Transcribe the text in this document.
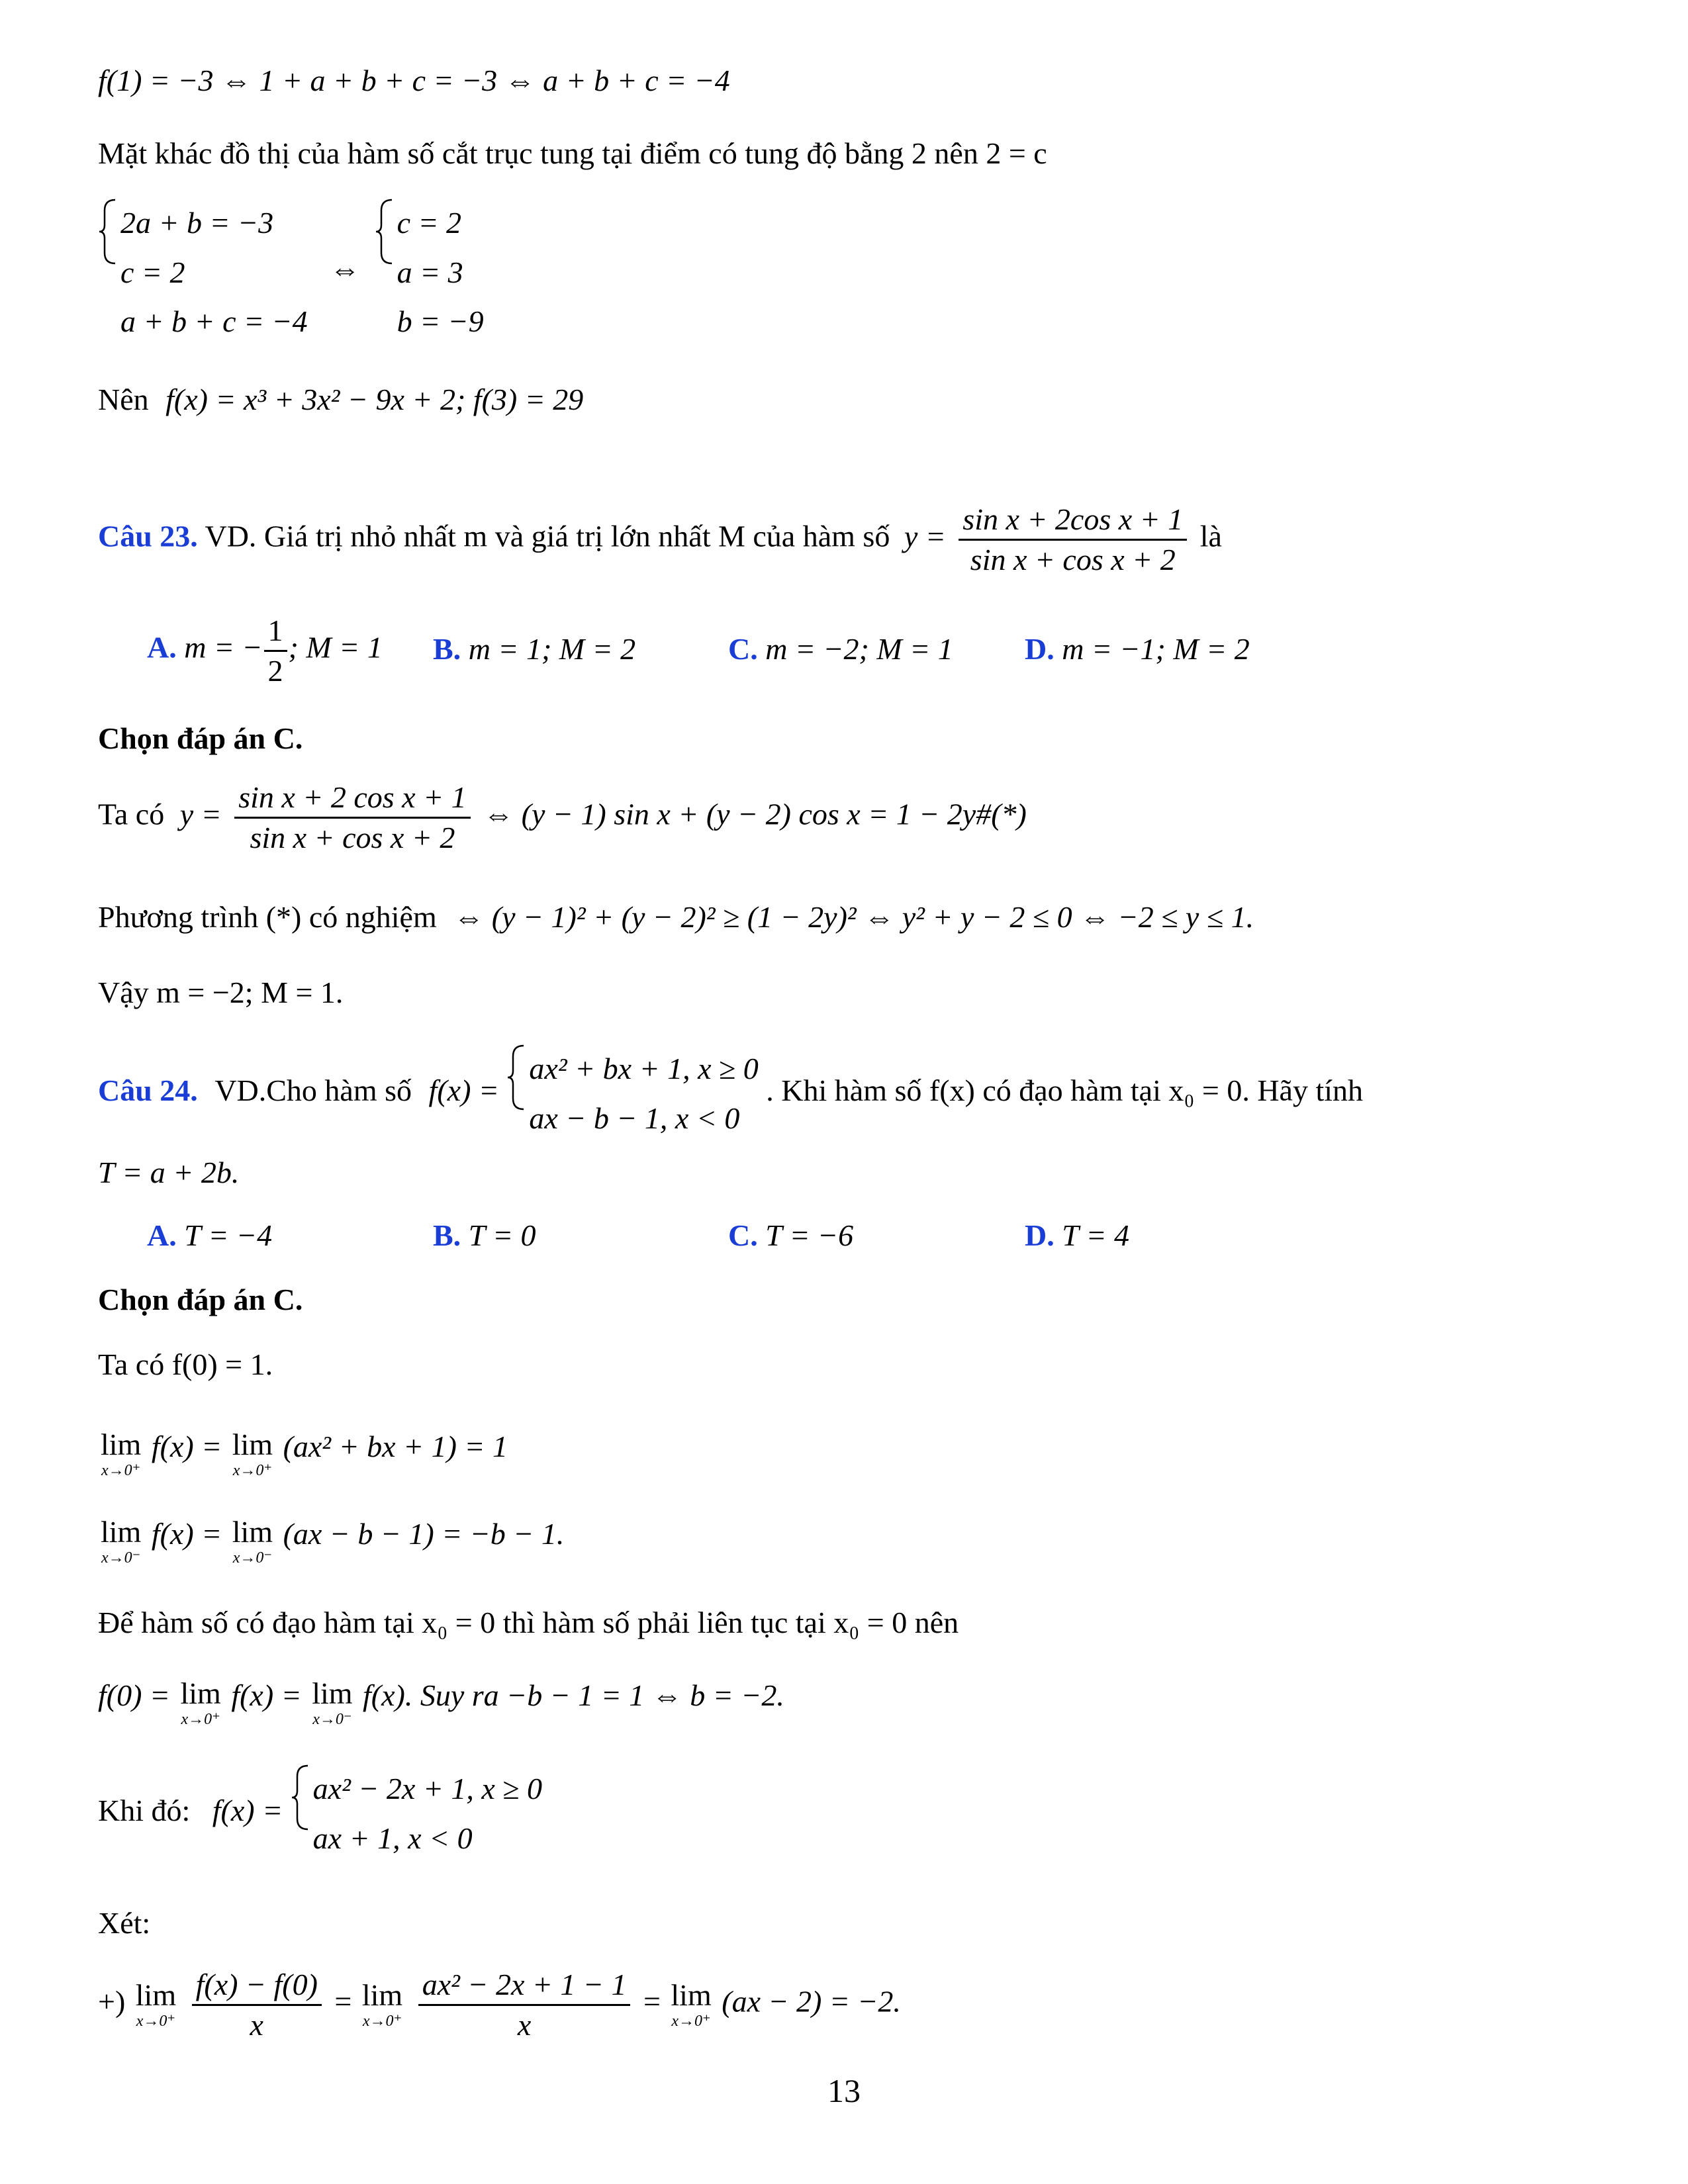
f(1) = −3 ⇔ 1 + a + b + c = −3 ⇔ a + b + c = −4
Mặt khác đồ thị của hàm số cắt trục tung tại điểm có tung độ bằng 2 nên 2 = c
2a + b = −3
c = 2
a + b + c = −4
⇔
c = 2
a = 3
b = −9
Nên f(x) = x³ + 3x² − 9x + 2; f(3) = 29
Câu 23. VD. Giá trị nhỏ nhất m và giá trị lớn nhất M của hàm số $y = \frac{\text{sin x + 2cos x + 1}}{\text{sin x + cos x + 2}}$ là
A. m = − $\frac{1}{2}$ ; M = 1 B. m = 1; M = 2	C. m = −2; M = 1 D. m = −1; M = 2
Chọn đáp án C.
Ta có $y = \frac{\text{sin x + 2 cos x + 1}}{\text{sin x + cos x + 2}}$ ⇔ (y − 1) sin x + (y − 2) cos x = 1 − 2y#(*)
Phương trình (*) có nghiệm ⇔ (y − 1)² + (y − 2)² ≥ (1 − 2y)² ⇔ y² + y − 2 ≤ 0 ⇔ −2 ≤ y ≤ 1.
Vậy m = −2; M = 1.
Câu 24. VD.Cho hàm số f(x) =
ax² + bx + 1, x ≥ 0
ax − b − 1, x < 0
. Khi hàm số f(x) có đạo hàm tại x₀ = 0. Hãy tính
T = a + 2b.
A. T = −4	B. T = 0	C. T = −6	D. T = 4
Chọn đáp án C.
Ta có f(0) = 1.
lim
x→0⁺
f(x) = lim
x→0⁺
(ax² + bx + 1) = 1
lim
x→0⁻
f(x) = lim
x→0⁻
(ax − b − 1) = −b − 1.
Để hàm số có đạo hàm tại x₀ = 0 thì hàm số phải liên tục tại x₀ = 0 nên
f(0) = lim
x→0⁺
f(x) = lim
x→0⁻
f(x). Suy ra −b − 1 = 1 ⇔ b = −2.
Khi đó: f(x) =
ax² − 2x + 1, x ≥ 0
ax + 1, x < 0
Xét:
+) lim
x→0⁺
$\frac{f(x) - f(0)}{x} = \lim$
x→0⁺
$\frac{\text{ax² − 2x + 1 − 1}}{x} = \lim$
x→0⁺
(ax − 2) = −2.
13
